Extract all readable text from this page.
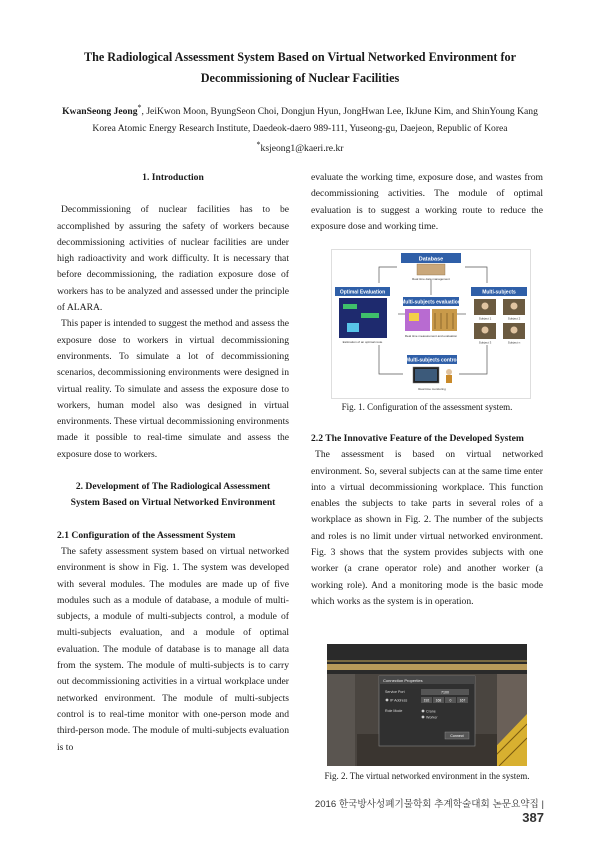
The Radiological Assessment System Based on Virtual Networked Environment for
Decommissioning of Nuclear Facilities
KwanSeong Jeong*, JeiKwon Moon, ByungSeon Choi, Dongjun Hyun, JongHwan Lee, IkJune Kim, and ShinYoung Kang
Korea Atomic Energy Research Institute, Daedeok-daero 989-111, Yuseong-gu, Daejeon, Republic of Korea
*ksjeong1@kaeri.re.kr
1. Introduction

Decommissioning of nuclear facilities has to be accomplished by assuring the safety of workers because decommissioning activities of nuclear facilities are under high radioactivity and work difficulty. It is necessary that before decommissioning, the radiation exposure dose of workers has to be analyzed and assessed under the principle of ALARA.

This paper is intended to suggest the method and assess the exposure dose to workers in virtual decommissioning environments. To simulate a lot of decommissioning scenarios, decommissioning environments were designed in virtual reality. To simulate and assess the exposure dose to workers, human model also was designed in virtual environments. These virtual decommissioning environments made it possible to real-time simulate and assess the exposure dose to workers.

2. Development of The Radiological Assessment
System Based on Virtual Networked Environment
2.1 Configuration of the Assessment System

The safety assessment system based on virtual networked environment is show in Fig. 1. The system was developed with several modules. The modules are made up of five modules such as a module of database, a module of multi-subjects, a module of multi-subjects control, a module of multi-subjects evaluation, and a module of optimal evaluation. The module of database is to manage all data from the system. The module of multi-subjects is to carry out decommissioning activities in a virtual workplace under networked environment. The module of multi-subjects control is to real-time monitor with one-person mode and third-person mode. The module of multi-subjects evaluation is to

evaluate the working time, exposure dose, and wastes from decommissioning activities. The module of optimal evaluation is to suggest a working route to reduce the exposure dose and working time.

Database
Real time data management
Optimal Evaluation
Estimation of an optimal route
Multi-subjects evaluation
Real time measurement and evaluation
Multi-subjects
Subject 1	Subject 2
Subject 3	Subject n
Multi-subjects control
Real time monitoring
Fig. 1. Configuration of the assessment system.
2.2 The Innovative Feature of the Developed System

The assessment is based on virtual networked environment. So, several subjects can at the same time enter into a virtual decommissioning workplace. This function enables the subjects to take parts in several roles of a workplace as shown in Fig. 2. The number of the subjects and roles is no limit under virtual networked environment. Fig. 3 shows that the system provides subjects with one worker (a crane operator role) and another worker (a working role). And a monitoring mode is the basic mode which works as the system is in operation.

Connection Properties
Service Port	7100
IP Address	192 168 0 167
Role Mode	Crane
Worker
Connect
Fig. 2. The virtual networked environment in the system.
2016 한국방사성폐기물학회 추계학술대회 논문요약집 | 387
